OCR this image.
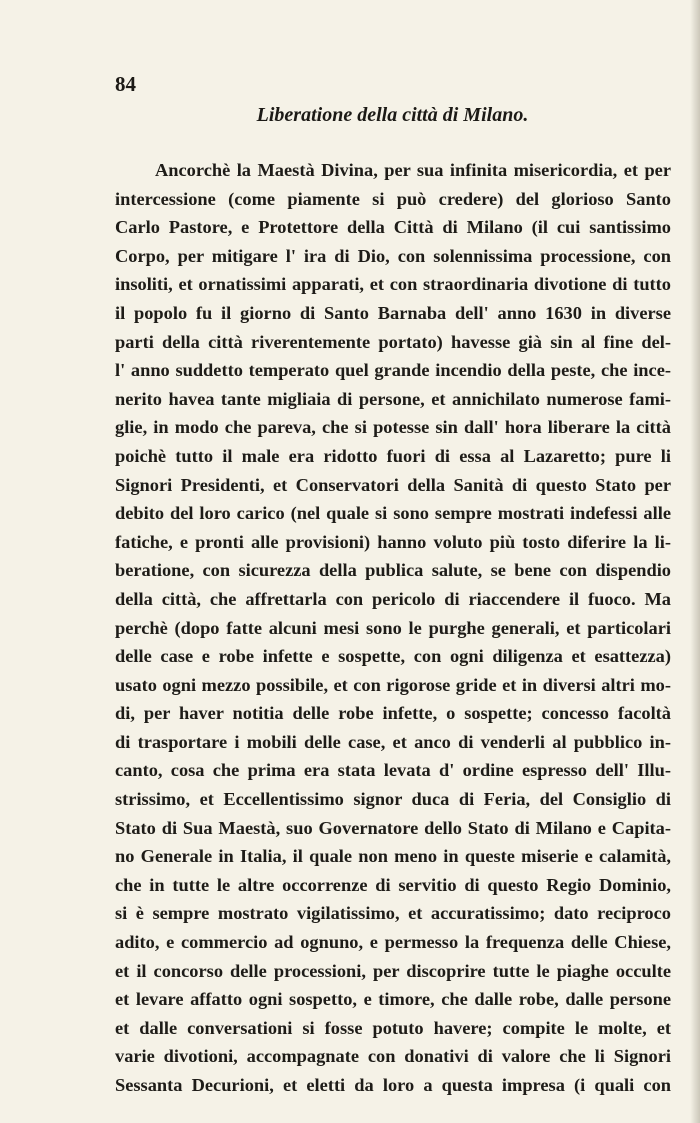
84
Liberatione della città di Milano.
Ancorchè la Maestà Divina, per sua infinita misericordia, et per
intercessione (come piamente si può credere) del glorioso Santo
Carlo Pastore, e Protettore della Città di Milano (il cui santissimo
Corpo, per mitigare l' ira di Dio, con solennissima processione, con
insoliti, et ornatissimi apparati, et con straordinaria divotione di tutto
il popolo fu il giorno di Santo Barnaba dell' anno 1630 in diverse
parti della città riverentemente portato) havesse già sin al fine del-
l' anno suddetto temperato quel grande incendio della peste, che ince-
nerito havea tante migliaia di persone, et annichilato numerose fami-
glie, in modo che pareva, che si potesse sin dall' hora liberare la città
poichè tutto il male era ridotto fuori di essa al Lazaretto; pure li
Signori Presidenti, et Conservatori della Sanità di questo Stato per
debito del loro carico (nel quale si sono sempre mostrati indefessi alle
fatiche, e pronti alle provisioni) hanno voluto più tosto diferire la li-
beratione, con sicurezza della publica salute, se bene con dispendio
della città, che affrettarla con pericolo di riaccendere il fuoco. Ma
perchè (dopo fatte alcuni mesi sono le purghe generali, et particolari
delle case e robe infette e sospette, con ogni diligenza et esattezza)
usato ogni mezzo possibile, et con rigorose gride et in diversi altri mo-
di, per haver notitia delle robe infette, o sospette; concesso facoltà
di trasportare i mobili delle case, et anco di venderli al pubblico in-
canto, cosa che prima era stata levata d' ordine espresso dell' Illu-
strissimo, et Eccellentissimo signor duca di Feria, del Consiglio di
Stato di Sua Maestà, suo Governatore dello Stato di Milano e Capita-
no Generale in Italia, il quale non meno in queste miserie e calamità,
che in tutte le altre occorrenze di servitio di questo Regio Dominio,
si è sempre mostrato vigilatissimo, et accuratissimo; dato reciproco
adito, e commercio ad ognuno, e permesso la frequenza delle Chiese,
et il concorso delle processioni, per discoprire tutte le piaghe occulte
et levare affatto ogni sospetto, e timore, che dalle robe, dalle persone
et dalle conversationi si fosse potuto havere; compite le molte, et
varie divotioni, accompagnate con donativi di valore che li Signori
Sessanta Decurioni, et eletti da loro a questa impresa (i quali con
